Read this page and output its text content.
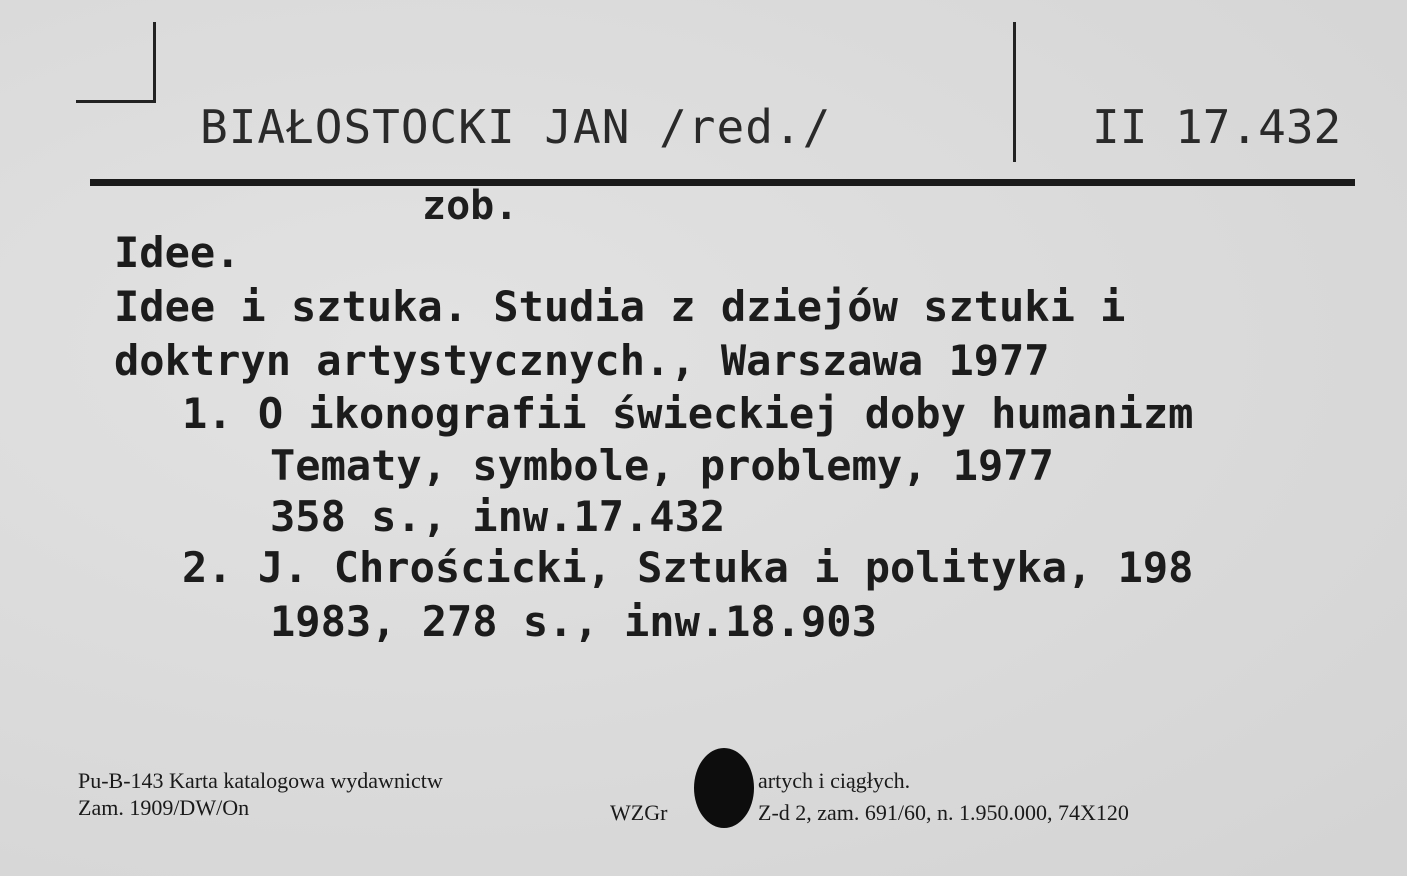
BIAŁOSTOCKI JAN /red./	II 17.432
zob.
Idee.
Idee i sztuka. Studia z dziejów sztuki i
doktryn artystycznych., Warszawa 1977
1. O ikonografii świeckiej doby humanizm
Tematy, symbole, problemy, 1977
358 s., inw.17.432
2. J. Chrościcki, Sztuka i polityka, 198
1983, 278 s., inw.18.903
Pu-B-143 Karta katalogowa wydawnictw	artych i ciągłych.
Zam. 1909/DW/On	WZGr	Z-d 2, zam. 691/60, n. 1.950.000, 74X120
